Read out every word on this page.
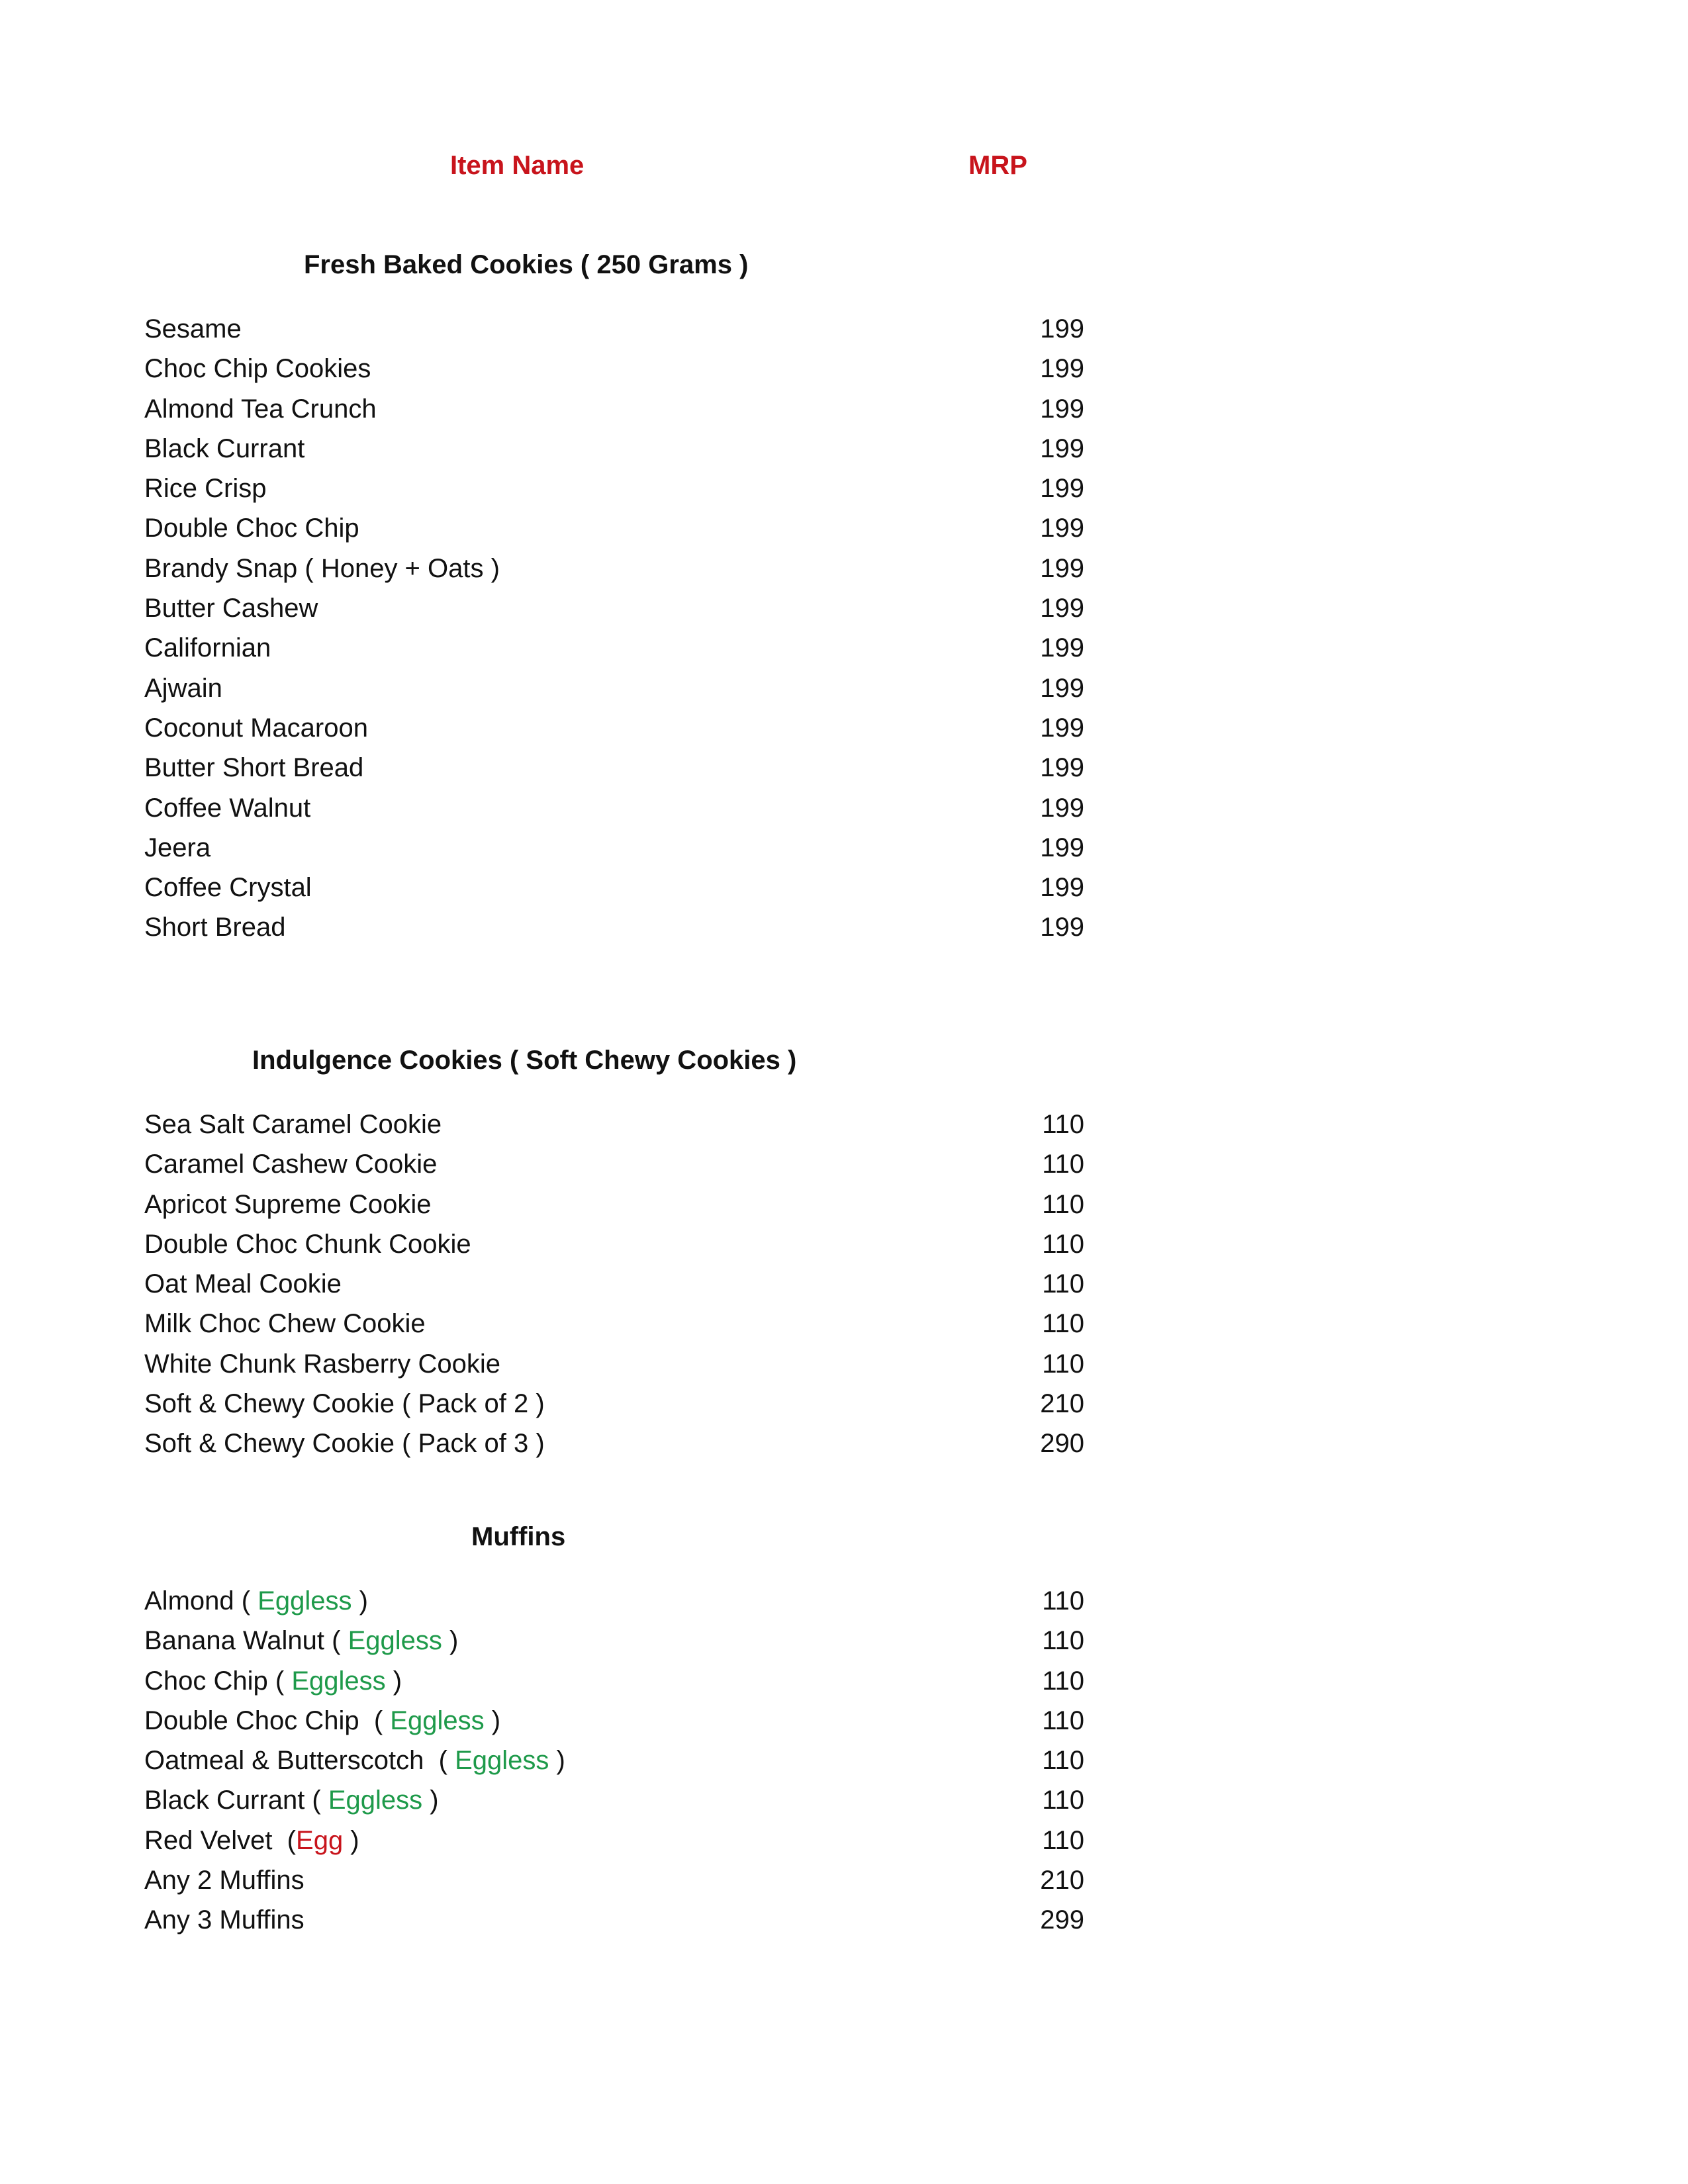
Item Name	MRP
Fresh Baked Cookies ( 250 Grams )
Sesame	199
Choc Chip Cookies	199
Almond Tea Crunch	199
Black Currant	199
Rice Crisp	199
Double Choc Chip	199
Brandy Snap ( Honey + Oats )	199
Butter Cashew	199
Californian	199
Ajwain	199
Coconut Macaroon	199
Butter Short Bread	199
Coffee Walnut	199
Jeera	199
Coffee Crystal	199
Short Bread	199
Indulgence Cookies ( Soft Chewy Cookies )
Sea Salt Caramel Cookie	110
Caramel Cashew Cookie	110
Apricot Supreme Cookie	110
Double Choc Chunk Cookie	110
Oat Meal Cookie	110
Milk Choc Chew Cookie	110
White Chunk Rasberry Cookie	110
Soft & Chewy Cookie ( Pack of 2 )	210
Soft & Chewy Cookie ( Pack of 3 )	290
Muffins
Almond ( Eggless )	110
Banana Walnut ( Eggless )	110
Choc Chip ( Eggless )	110
Double Choc Chip  ( Eggless )	110
Oatmeal & Butterscotch  ( Eggless )	110
Black Currant ( Eggless )	110
Red Velvet  (Egg )	110
Any 2 Muffins	210
Any 3 Muffins	299
